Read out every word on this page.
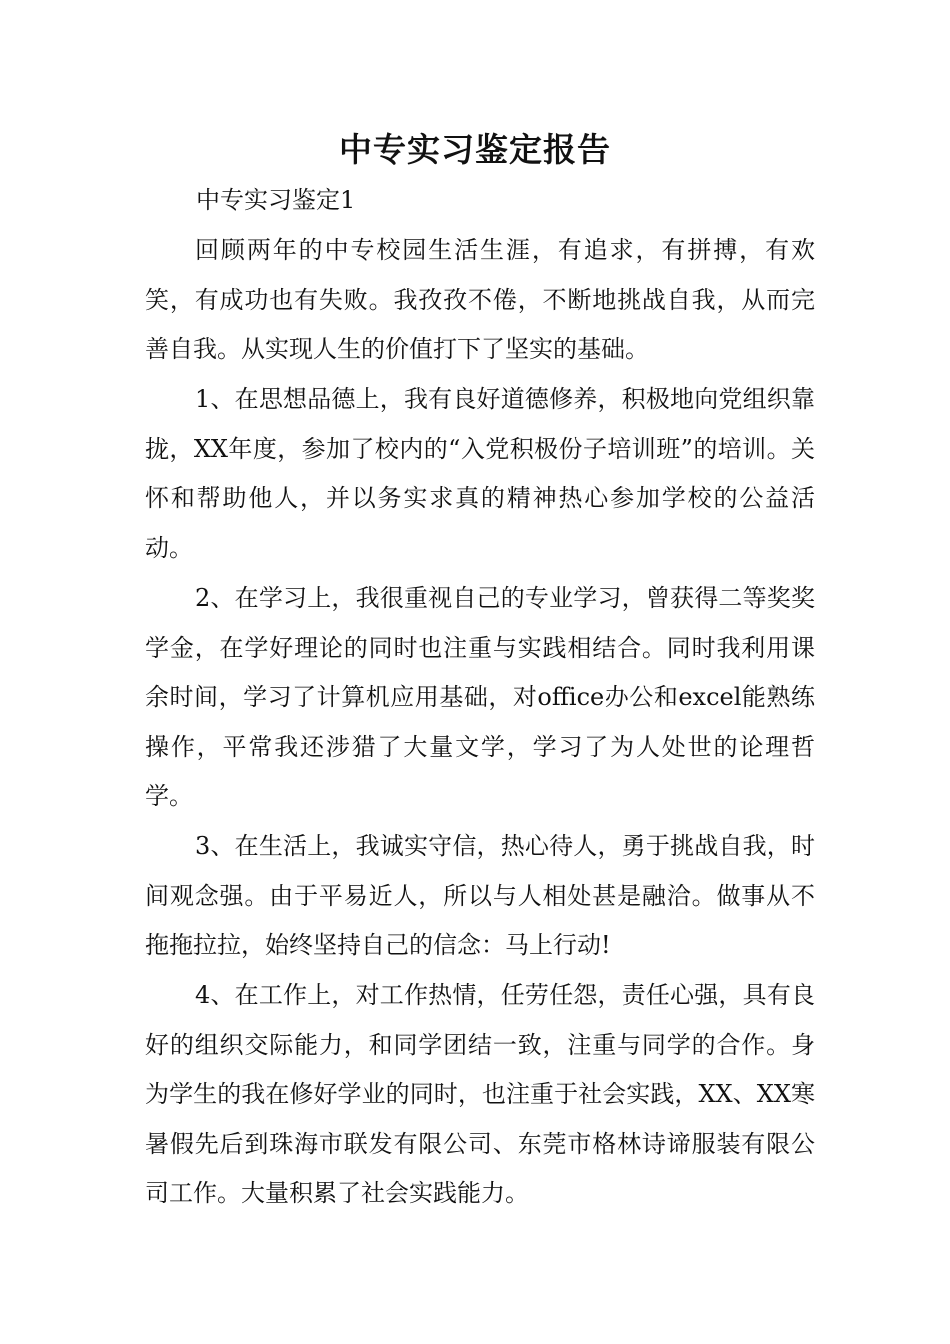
中专实习鉴定报告
中专实习鉴定1

回顾两年的中专校园生活生涯，有追求，有拼搏，有欢笑，有成功也有失败。我孜孜不倦，不断地挑战自我，从而完善自我。从实现人生的价值打下了坚实的基础。

1、在思想品德上，我有良好道德修养，积极地向党组织靠拢，XX年度，参加了校内的“入党积极份子培训班”的培训。关怀和帮助他人，并以务实求真的精神热心参加学校的公益活动。

2、在学习上，我很重视自己的专业学习，曾获得二等奖奖学金，在学好理论的同时也注重与实践相结合。同时我利用课余时间，学习了计算机应用基础，对office办公和excel能熟练操作，平常我还涉猎了大量文学，学习了为人处世的论理哲学。

3、在生活上，我诚实守信，热心待人，勇于挑战自我，时间观念强。由于平易近人，所以与人相处甚是融洽。做事从不拖拖拉拉，始终坚持自己的信念：马上行动!

4、在工作上，对工作热情，任劳任怨，责任心强，具有良好的组织交际能力，和同学团结一致，注重与同学的合作。身为学生的我在修好学业的同时，也注重于社会实践，XX、XX寒暑假先后到珠海市联发有限公司、东莞市格林诗谛服装有限公司工作。大量积累了社会实践能力。
